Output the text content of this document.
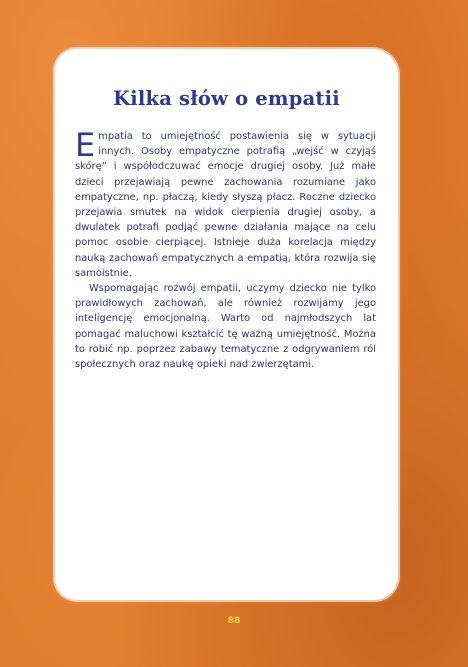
Kilka słów o empatii

Empatia to umiejętność postawienia się w sytuacji innych. Osoby empatyczne potrafią „wejść w czyjąś skórę” i współodczuwać emocje drugiej osoby. Już małe dzieci przejawiają pewne zachowania rozumiane jako empatyczne, np. płaczą, kiedy słyszą płacz. Roczne dziecko przejawia smutek na widok cierpienia drugiej osoby, a dwulatek potrafi podjąć pewne działania mające na celu pomoc osobie cierpiącej. Istnieje duża korelacja między nauką zachowań empatycznych a empatią, która rozwija się samoistnie.

Wspomagając rozwój empatii, uczymy dziecko nie tylko prawidłowych zachowań, ale również rozwijamy jego inteligencję emocjonalną. Warto od najmłodszych lat pomagać maluchowi kształcić tę ważną umiejętność. Można to robić np. poprzez zabawy tematyczne z odgrywaniem ról społecznych oraz naukę opieki nad zwierzętami.

88
